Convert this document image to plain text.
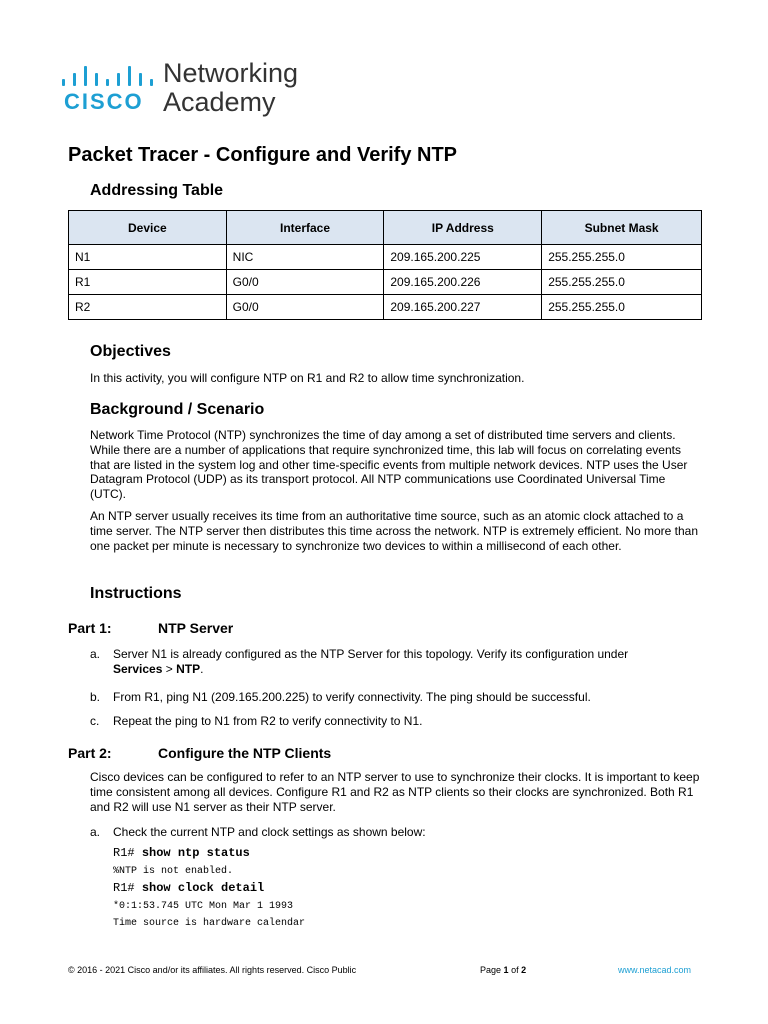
CISCO
Networking
Academy
Packet Tracer - Configure and Verify NTP
Addressing Table
Device	Interface	IP Address	Subnet Mask
N1	NIC	209.165.200.225	255.255.255.0
R1	G0/0	209.165.200.226	255.255.255.0
R2	G0/0	209.165.200.227	255.255.255.0
Objectives

In this activity, you will configure NTP on R1 and R2 to allow time synchronization.

Background / Scenario

Network Time Protocol (NTP) synchronizes the time of day among a set of distributed time servers and clients. While there are a number of applications that require synchronized time, this lab will focus on correlating events that are listed in the system log and other time-specific events from multiple network devices. NTP uses the User Datagram Protocol (UDP) as its transport protocol. All NTP communications use Coordinated Universal Time (UTC).

An NTP server usually receives its time from an authoritative time source, such as an atomic clock attached to a time server. The NTP server then distributes this time across the network. NTP is extremely efficient. No more than one packet per minute is necessary to synchronize two devices to within a millisecond of each other.

Instructions
Part 1:	NTP Server
a. Server N1 is already configured as the NTP Server for this topology. Verify its configuration under
Services > NTP.
b. From R1, ping N1 (209.165.200.225) to verify connectivity. The ping should be successful.
c. Repeat the ping to N1 from R2 to verify connectivity to N1.
Part 2:	Configure the NTP Clients

Cisco devices can be configured to refer to an NTP server to use to synchronize their clocks. It is important to keep time consistent among all devices. Configure R1 and R2 as NTP clients so their clocks are synchronized. Both R1 and R2 will use N1 server as their NTP server.

a. Check the current NTP and clock settings as shown below:
R1# show ntp status
%NTP is not enabled.
R1# show clock detail
*0:1:53.745 UTC Mon Mar 1 1993
Time source is hardware calendar
© 2016 - 2021 Cisco and/or its affiliates. All rights reserved. Cisco Public	Page 1 of 2	www.netacad.com
